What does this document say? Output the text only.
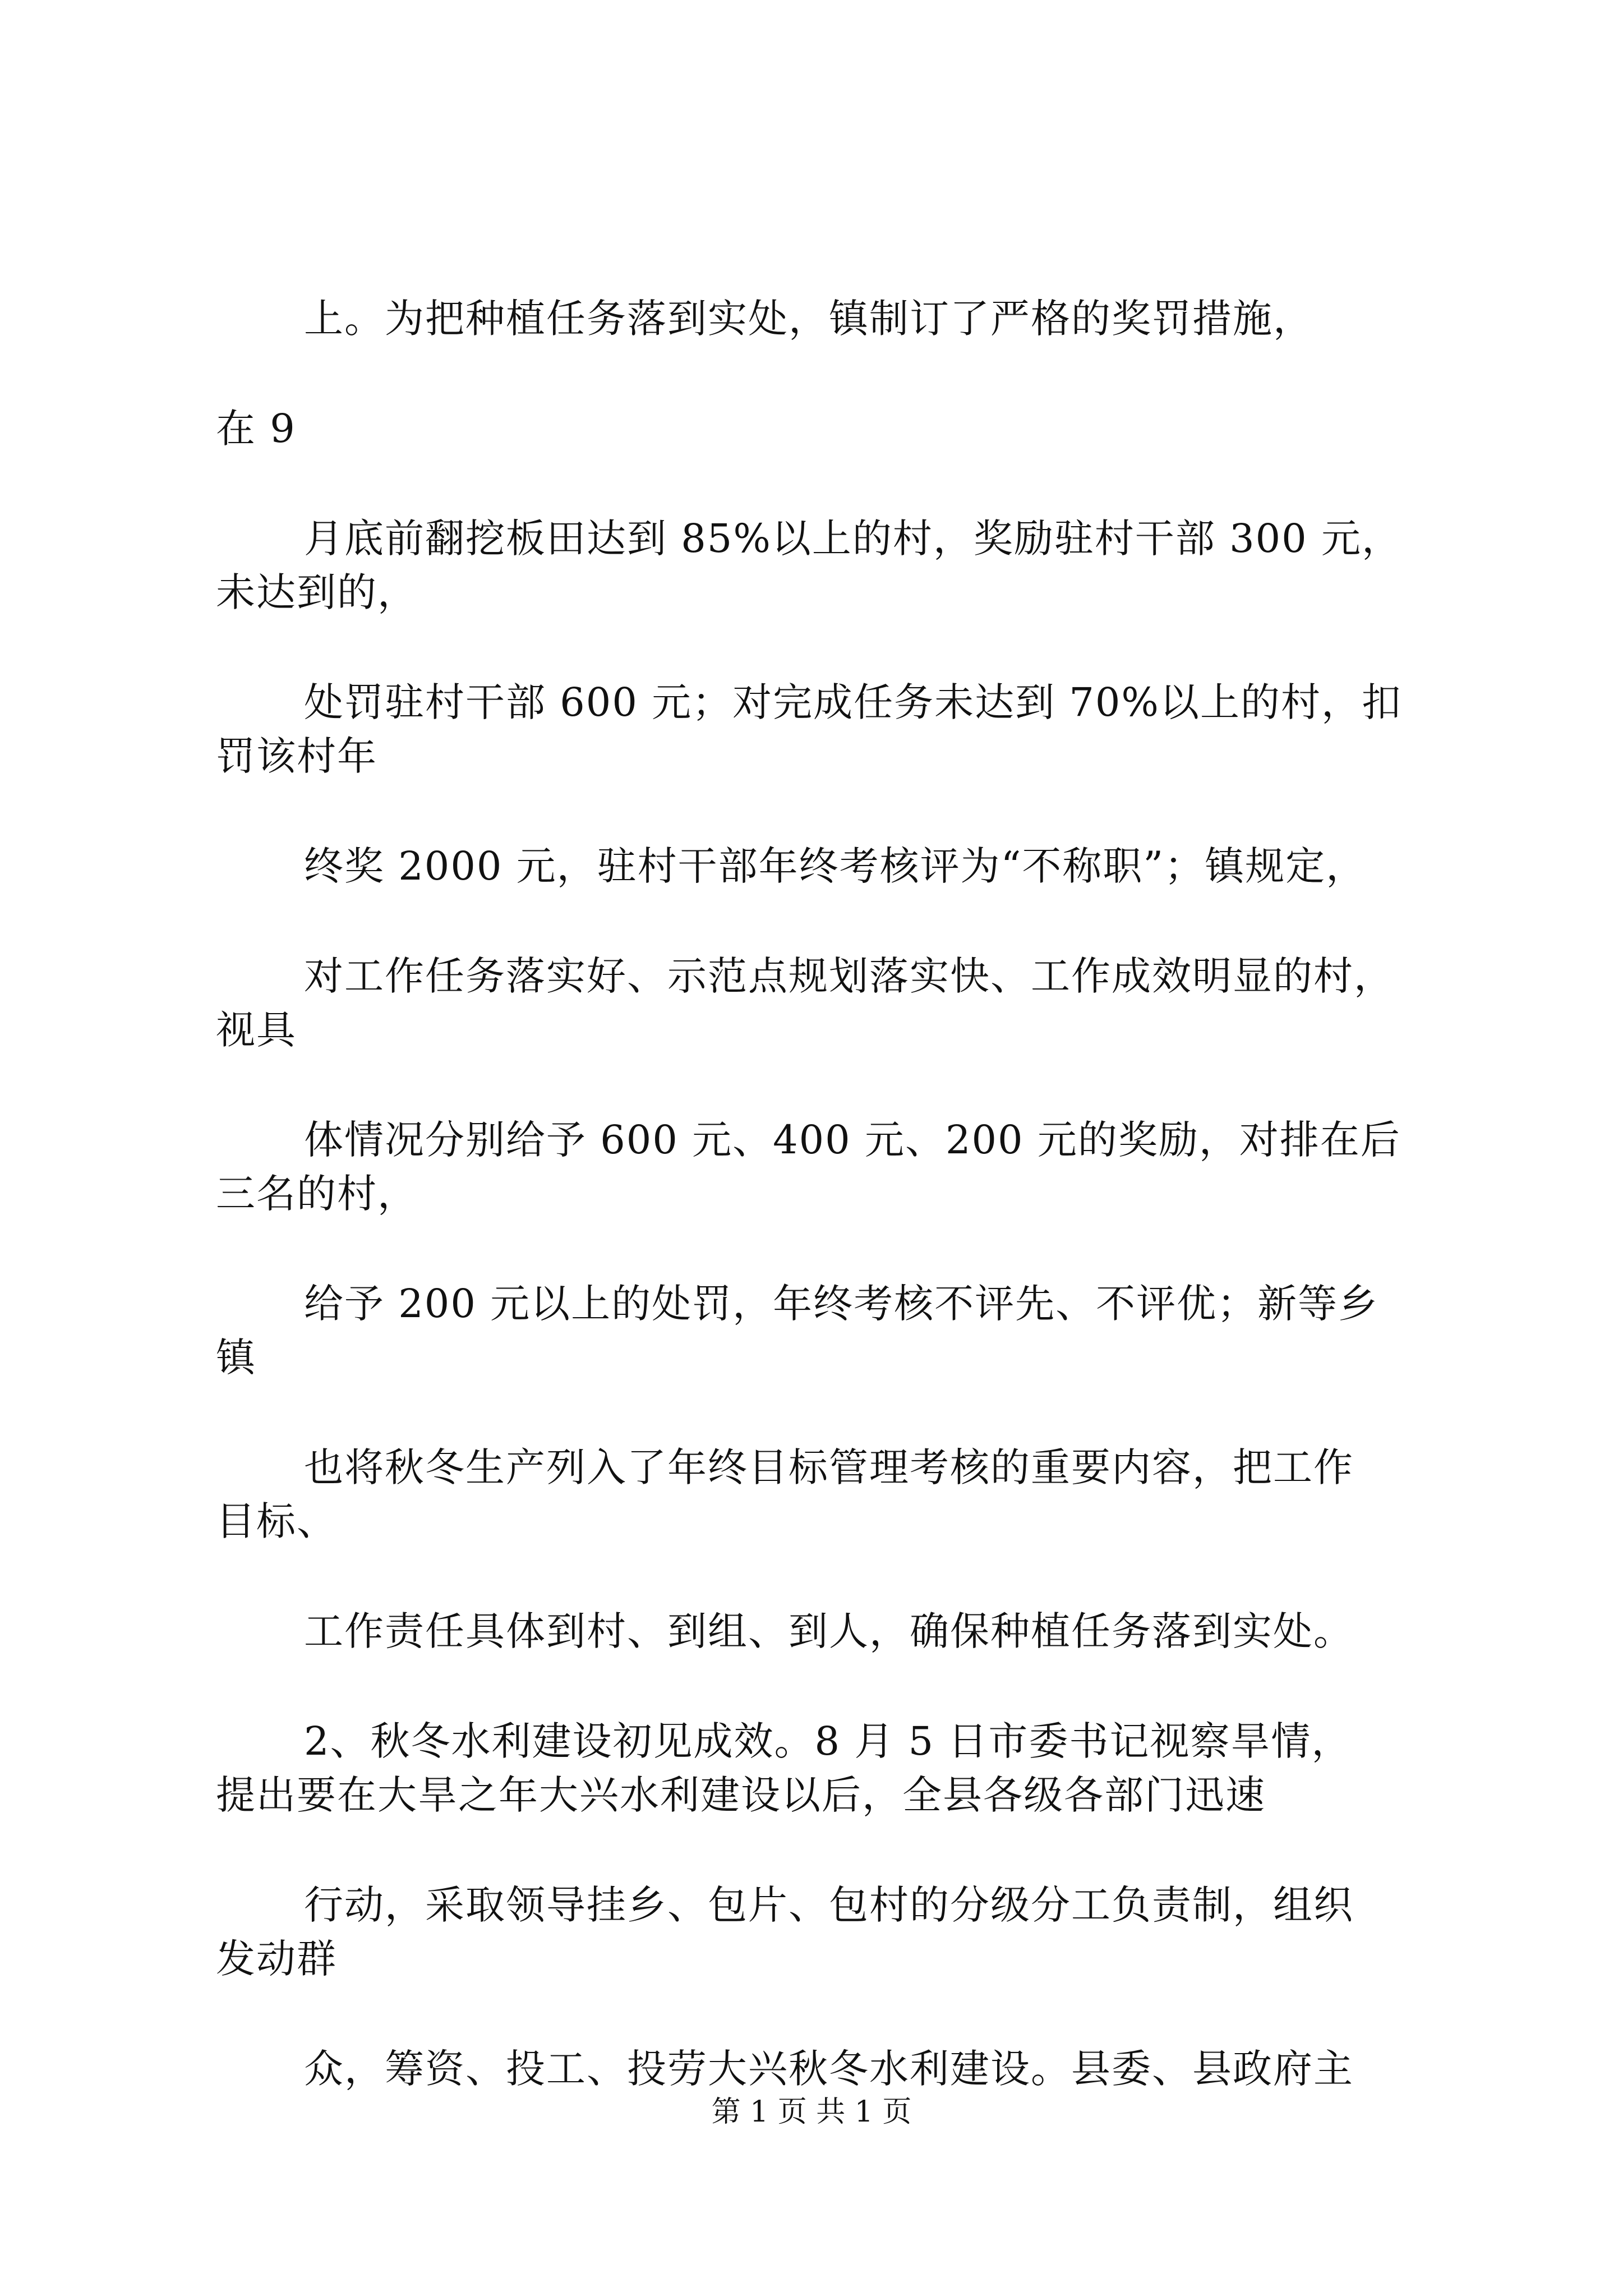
上。为把种植任务落到实处，镇制订了严格的奖罚措施，
在 9
月底前翻挖板田达到 85%以上的村，奖励驻村干部 300 元，
未达到的，
处罚驻村干部 600 元；对完成任务未达到 70%以上的村，扣
罚该村年
终奖 2000 元，驻村干部年终考核评为“不称职”；镇规定，
对工作任务落实好、示范点规划落实快、工作成效明显的村，
视具
体情况分别给予 600 元、400 元、200 元的奖励，对排在后
三名的村，
给予 200 元以上的处罚，年终考核不评先、不评优；新等乡
镇
也将秋冬生产列入了年终目标管理考核的重要内容，把工作
目标、
工作责任具体到村、到组、到人，确保种植任务落到实处。
2、秋冬水利建设初见成效。8 月 5 日市委书记视察旱情，
提出要在大旱之年大兴水利建设以后，全县各级各部门迅速
行动，采取领导挂乡、包片、包村的分级分工负责制，组织
发动群
众，筹资、投工、投劳大兴秋冬水利建设。县委、县政府主
第 1 页 共 1 页
